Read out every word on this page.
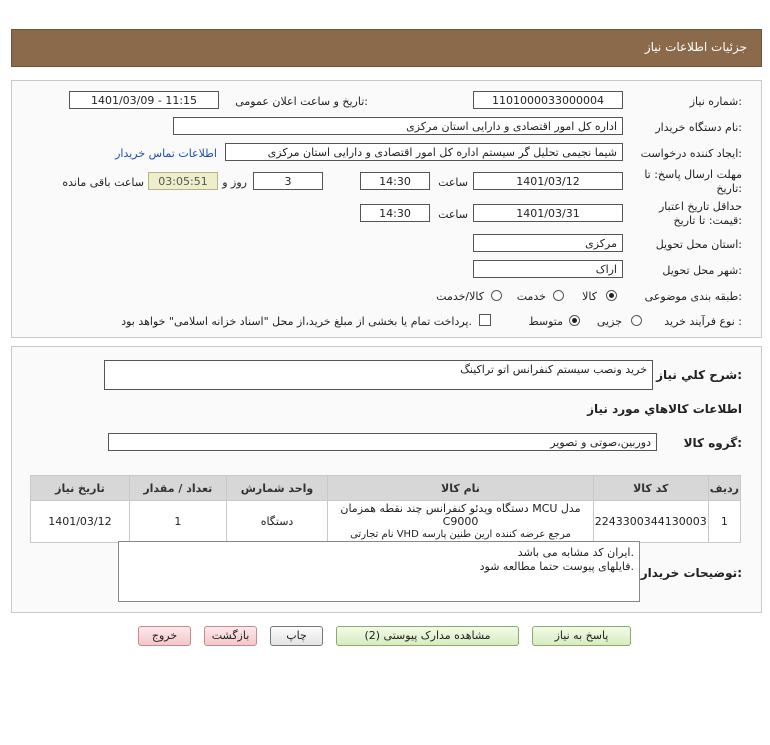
جزئیات اطلاعات نیاز
شماره نیاز:
1101000033000004
تاریخ و ساعت اعلان عمومی:
1401/03/09 - 11:15
نام دستگاه خریدار:
اداره کل امور اقتصادی و دارایی استان مرکزی
ایجاد کننده درخواست:
شیما نجیمی تحلیل گر سیستم اداره کل امور اقتصادی و دارایی استان مرکزی
اطلاعات تماس خریدار
مهلت ارسال پاسخ: تا
تاریخ:
1401/03/12
ساعت
14:30
3
روز و
03:05:51
ساعت باقی مانده
حداقل تاریخ اعتبار
قیمت: تا تاریخ:
1401/03/31
ساعت
14:30
استان محل تحویل:
مرکزی
شهر محل تحویل:
اراک
طبقه بندی موضوعی:
کالا
خدمت
کالا/خدمت
نوع فرآیند خرید :
جزیی
متوسط
پرداخت تمام یا بخشی از مبلغ خرید،از محل "اسناد خزانه اسلامی" خواهد بود.
شرح کلي نياز:
خرید ونصب سیستم کنفرانس اتو تراکینگ
اطلاعات کالاهاي مورد نياز
گروه کالا:
دوربین،صوتی و تصویر
تاریخ نیاز	تعداد / مقدار	واحد شمارش	نام کالا	کد کالا	ردیف
1401/03/12	1	دستگاه	دستگاه ویدئو کنفرانس چند نقطه همزمان MCU مدل C9000
نام تجارتی VHD مرجع عرضه کننده ارین طنین پارسه	2243300344130003	1
توضیحات خریدار:
ایران کد مشابه می باشد.
فایلهای پیوست حتما مطالعه شود.
پاسخ به نیاز
مشاهده مدارک پیوستی (2)
چاپ
بازگشت
خروج
